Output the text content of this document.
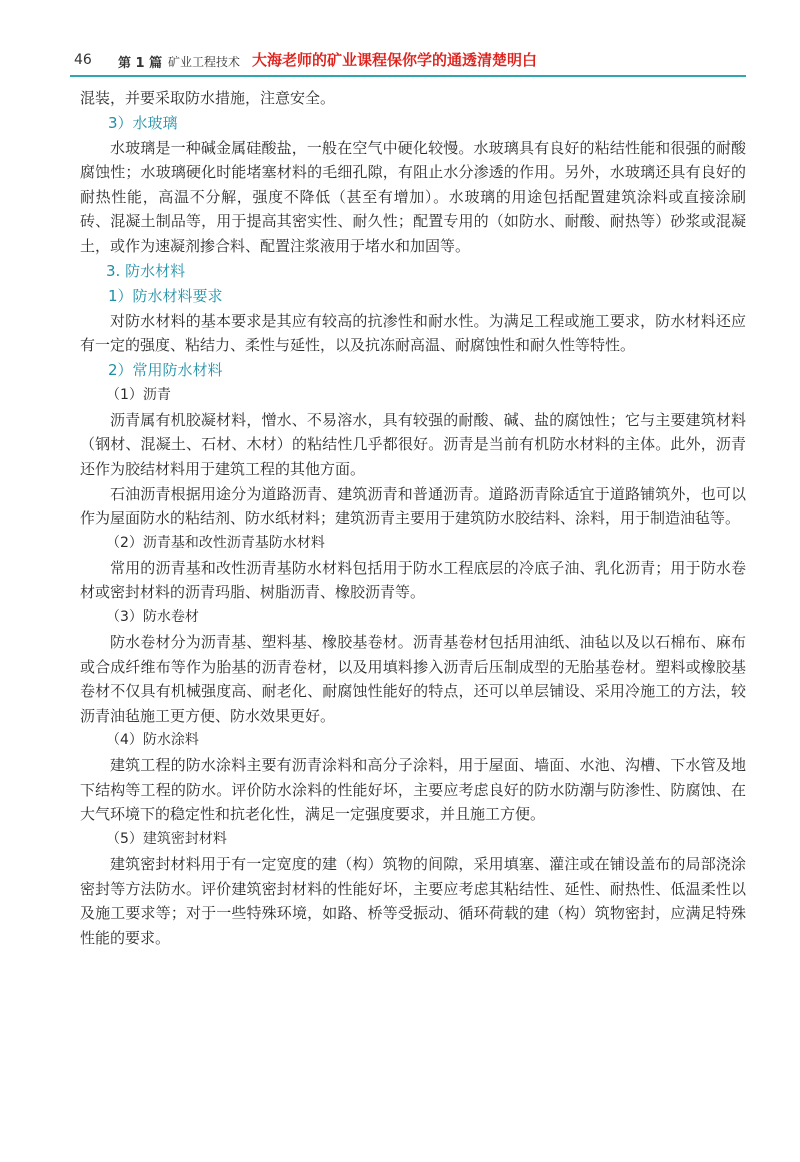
46 第 1 篇 矿业工程技术 大海老师的矿业课程保你学的通透清楚明白

混装，并要采取防水措施，注意安全。

3）水玻璃

水玻璃是一种碱金属硅酸盐，一般在空气中硬化较慢。水玻璃具有良好的粘结性能和很强的耐酸腐蚀性；水玻璃硬化时能堵塞材料的毛细孔隙，有阻止水分渗透的作用。另外，水玻璃还具有良好的耐热性能，高温不分解，强度不降低（甚至有增加）。水玻璃的用途包括配置建筑涂料或直接涂刷砖、混凝土制品等，用于提高其密实性、耐久性；配置专用的（如防水、耐酸、耐热等）砂浆或混凝土，或作为速凝剂掺合料、配置注浆液用于堵水和加固等。

3. 防水材料

1）防水材料要求

对防水材料的基本要求是其应有较高的抗渗性和耐水性。为满足工程或施工要求，防水材料还应有一定的强度、粘结力、柔性与延性，以及抗冻耐高温、耐腐蚀性和耐久性等特性。

2）常用防水材料

（1）沥青

沥青属有机胶凝材料，憎水、不易溶水，具有较强的耐酸、碱、盐的腐蚀性；它与主要建筑材料（钢材、混凝土、石材、木材）的粘结性几乎都很好。沥青是当前有机防水材料的主体。此外，沥青还作为胶结材料用于建筑工程的其他方面。

石油沥青根据用途分为道路沥青、建筑沥青和普通沥青。道路沥青除适宜于道路铺筑外，也可以作为屋面防水的粘结剂、防水纸材料；建筑沥青主要用于建筑防水胶结料、涂料，用于制造油毡等。

（2）沥青基和改性沥青基防水材料

常用的沥青基和改性沥青基防水材料包括用于防水工程底层的冷底子油、乳化沥青；用于防水卷材或密封材料的沥青玛脂、树脂沥青、橡胶沥青等。

（3）防水卷材

防水卷材分为沥青基、塑料基、橡胶基卷材。沥青基卷材包括用油纸、油毡以及以石棉布、麻布或合成纤维布等作为胎基的沥青卷材，以及用填料掺入沥青后压制成型的无胎基卷材。塑料或橡胶基卷材不仅具有机械强度高、耐老化、耐腐蚀性能好的特点，还可以单层铺设、采用冷施工的方法，较沥青油毡施工更方便、防水效果更好。

（4）防水涂料

建筑工程的防水涂料主要有沥青涂料和高分子涂料，用于屋面、墙面、水池、沟槽、下水管及地下结构等工程的防水。评价防水涂料的性能好坏，主要应考虑良好的防水防潮与防渗性、防腐蚀、在大气环境下的稳定性和抗老化性，满足一定强度要求，并且施工方便。

（5）建筑密封材料

建筑密封材料用于有一定宽度的建（构）筑物的间隙，采用填塞、灌注或在铺设盖布的局部浇涂密封等方法防水。评价建筑密封材料的性能好坏，主要应考虑其粘结性、延性、耐热性、低温柔性以及施工要求等；对于一些特殊环境，如路、桥等受振动、循环荷载的建（构）筑物密封，应满足特殊性能的要求。
